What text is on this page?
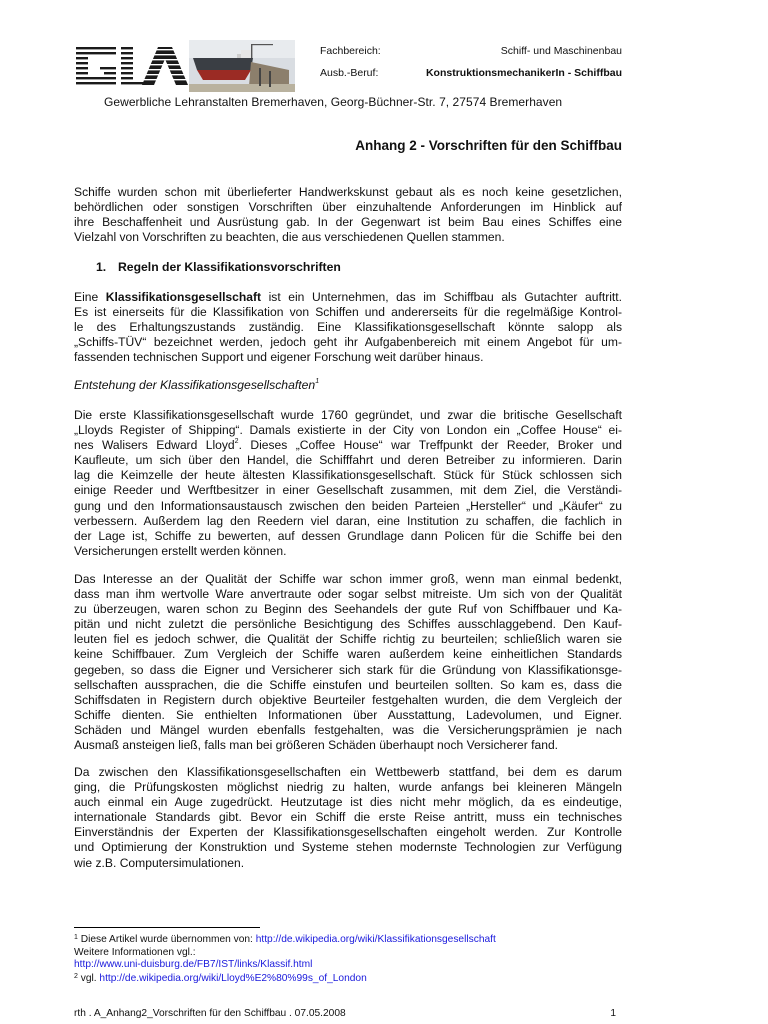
Fachbereich:	Schiff- und Maschinenbau
Ausb.-Beruf:	KonstruktionsmechanikerIn - Schiffbau
Gewerbliche Lehranstalten Bremerhaven, Georg-Büchner-Str. 7, 27574 Bremerhaven
Anhang 2 - Vorschriften für den Schiffbau
Schiffe wurden schon mit überlieferter Handwerkskunst gebaut als es noch keine gesetzlichen,
behördlichen oder sonstigen Vorschriften über einzuhaltende Anforderungen im Hinblick auf
ihre Beschaffenheit und Ausrüstung gab. In der Gegenwart ist beim Bau eines Schiffes eine
Vielzahl von Vorschriften zu beachten, die aus verschiedenen Quellen stammen.
1. Regeln der Klassifikationsvorschriften
Eine Klassifikationsgesellschaft ist ein Unternehmen, das im Schiffbau als Gutachter auftritt.
Es ist einerseits für die Klassifikation von Schiffen und andererseits für die regelmäßige Kontrol-
le des Erhaltungszustands zuständig. Eine Klassifikationsgesellschaft könnte salopp als
„Schiffs-TÜV“ bezeichnet werden, jedoch geht ihr Aufgabenbereich mit einem Angebot für um-
fassenden technischen Support und eigener Forschung weit darüber hinaus.
Entstehung der Klassifikationsgesellschaften$^1$
Die erste Klassifikationsgesellschaft wurde 1760 gegründet, und zwar die britische Gesellschaft
„Lloyds Register of Shipping“. Damals existierte in der City von London ein „Coffee House“ ei-
nes Walisers Edward Lloyd$^2$. Dieses „Coffee House“ war Treffpunkt der Reeder, Broker und
Kaufleute, um sich über den Handel, die Schifffahrt und deren Betreiber zu informieren. Darin
lag die Keimzelle der heute ältesten Klassifikationsgesellschaft. Stück für Stück schlossen sich
einige Reeder und Werftbesitzer in einer Gesellschaft zusammen, mit dem Ziel, die Verständi-
gung und den Informationsaustausch zwischen den beiden Parteien „Hersteller“ und „Käufer“ zu
verbessern. Außerdem lag den Reedern viel daran, eine Institution zu schaffen, die fachlich in
der Lage ist, Schiffe zu bewerten, auf dessen Grundlage dann Policen für die Schiffe bei den
Versicherungen erstellt werden können.
Das Interesse an der Qualität der Schiffe war schon immer groß, wenn man einmal bedenkt,
dass man ihm wertvolle Ware anvertraute oder sogar selbst mitreiste. Um sich von der Qualität
zu überzeugen, waren schon zu Beginn des Seehandels der gute Ruf von Schiffbauer und Ka-
pitän und nicht zuletzt die persönliche Besichtigung des Schiffes ausschlaggebend. Den Kauf-
leuten fiel es jedoch schwer, die Qualität der Schiffe richtig zu beurteilen; schließlich waren sie
keine Schiffbauer. Zum Vergleich der Schiffe waren außerdem keine einheitlichen Standards
gegeben, so dass die Eigner und Versicherer sich stark für die Gründung von Klassifikationsge-
sellschaften aussprachen, die die Schiffe einstufen und beurteilen sollten. So kam es, dass die
Schiffsdaten in Registern durch objektive Beurteiler festgehalten wurden, die dem Vergleich der
Schiffe dienten. Sie enthielten Informationen über Ausstattung, Ladevolumen, und Eigner.
Schäden und Mängel wurden ebenfalls festgehalten, was die Versicherungsprämien je nach
Ausmaß ansteigen ließ, falls man bei größeren Schäden überhaupt noch Versicherer fand.
Da zwischen den Klassifikationsgesellschaften ein Wettbewerb stattfand, bei dem es darum
ging, die Prüfungskosten möglichst niedrig zu halten, wurde anfangs bei kleineren Mängeln
auch einmal ein Auge zugedrückt. Heutzutage ist dies nicht mehr möglich, da es eindeutige,
internationale Standards gibt. Bevor ein Schiff die erste Reise antritt, muss ein technisches
Einverständnis der Experten der Klassifikationsgesellschaften eingeholt werden. Zur Kontrolle
und Optimierung der Konstruktion und Systeme stehen modernste Technologien zur Verfügung
wie z.B. Computersimulationen.
$^1$ Diese Artikel wurde übernommen von: http://de.wikipedia.org/wiki/Klassifikationsgesellschaft
Weitere Informationen vgl.:
http://www.uni-duisburg.de/FB7/IST/links/Klassif.html
$^2$ vgl. http://de.wikipedia.org/wiki/Lloyd%E2%80%99s_of_London
rth . A_Anhang2_Vorschriften für den Schiffbau . 07.05.2008	1
